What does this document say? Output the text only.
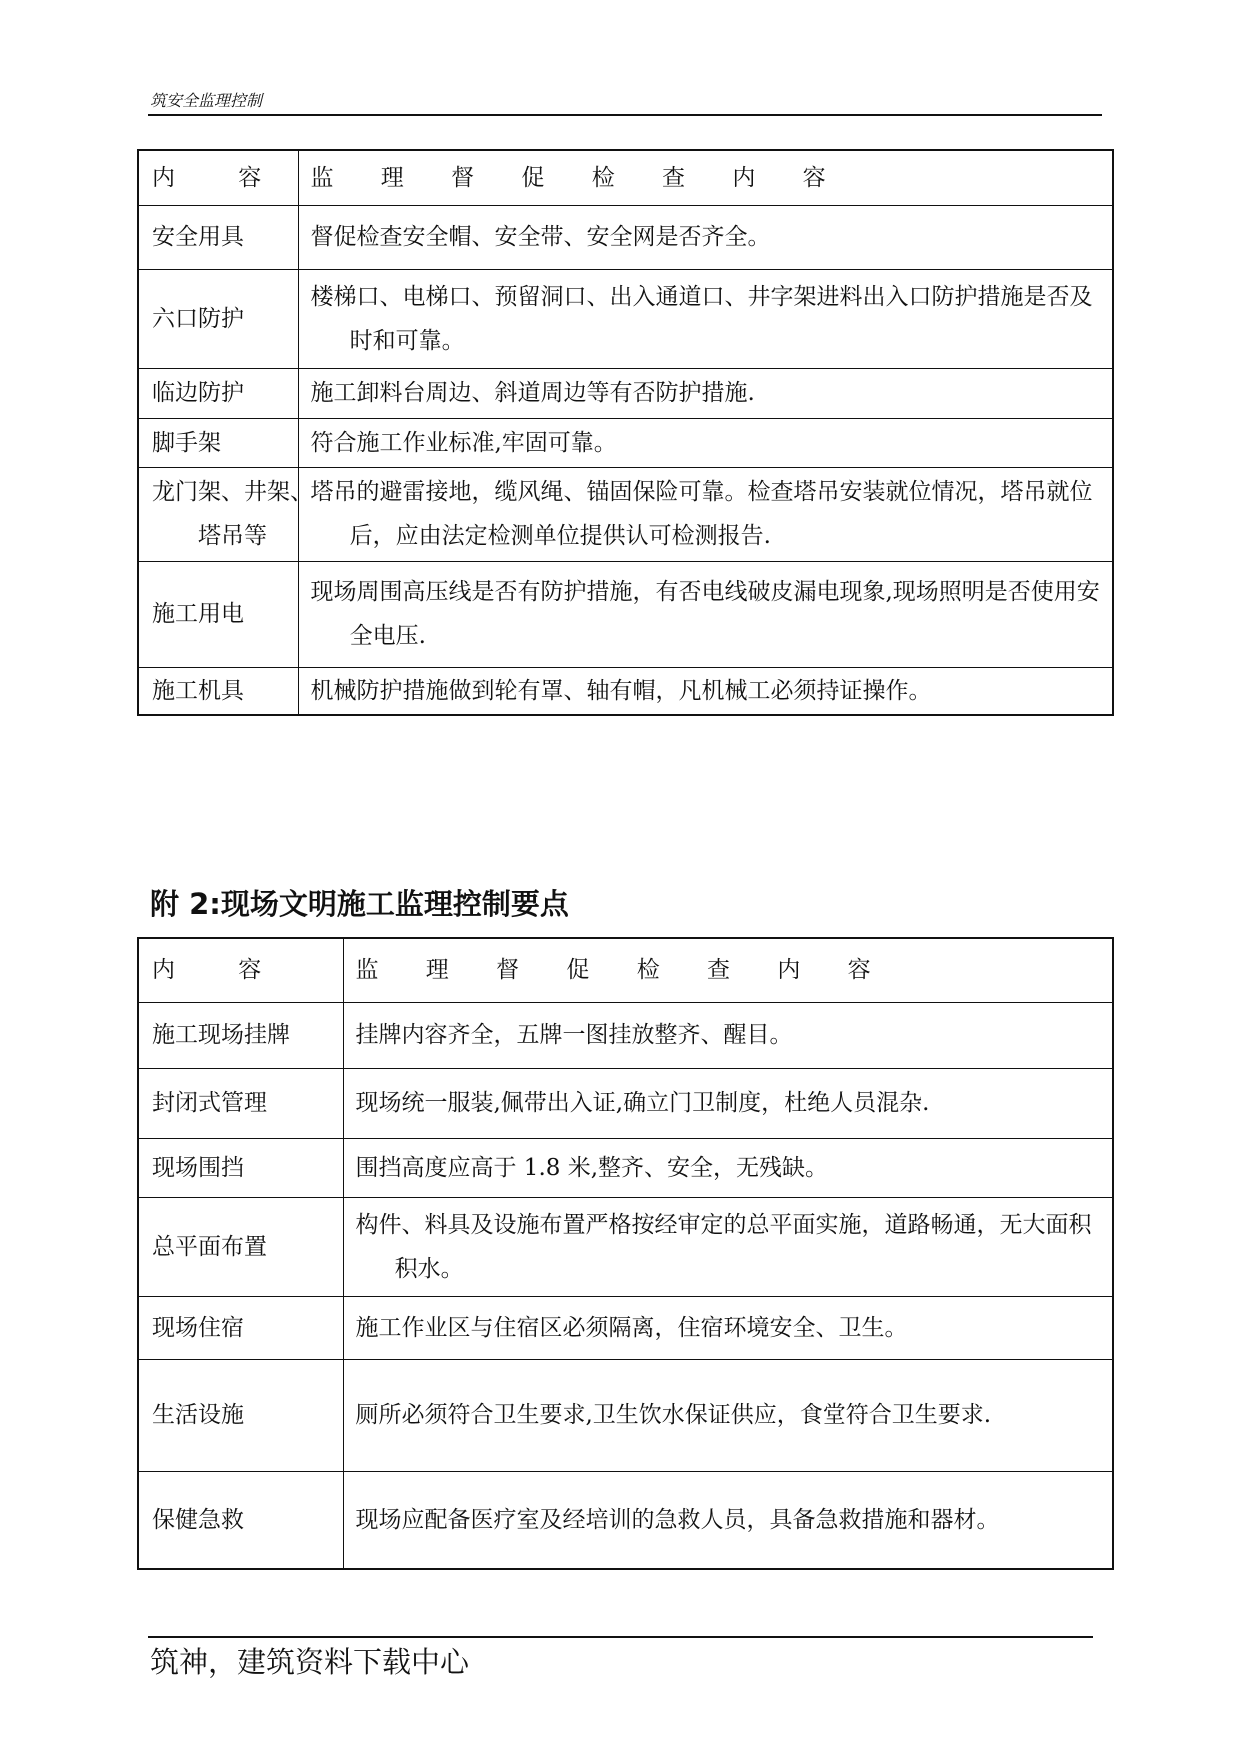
筑安全监理控制
内 容	监 理 督 促 检 查 内 容
安全用具	督促检查安全帽、安全带、安全网是否齐全。
六口防护	楼梯口、电梯口、预留洞口、出入通道口、井字架进料出入口防护措施是否及时和可靠。

临边防护	施工卸料台周边、斜道周边等有否防护措施.
脚手架	符合施工作业标准,牢固可靠。

龙门架、井架、
塔吊等	塔吊的避雷接地，缆风绳、锚固保险可靠。检查塔吊安装就位情况，塔吊就位后，应由法定检测单位提供认可检测报告.

施工用电	现场周围高压线是否有防护措施，有否电线破皮漏电现象,现场照明是否使用安全电压.

施工机具	机械防护措施做到轮有罩、轴有帽，凡机械工必须持证操作。
附 2:现场文明施工监理控制要点
内 容	监 理 督 促 检 查 内 容
施工现场挂牌	挂牌内容齐全，五牌一图挂放整齐、醒目。
封闭式管理	现场统一服装,佩带出入证,确立门卫制度，杜绝人员混杂.
现场围挡	围挡高度应高于 1.8 米,整齐、安全，无残缺。
总平面布置	构件、料具及设施布置严格按经审定的总平面实施，道路畅通，无大面积积水。

现场住宿	施工作业区与住宿区必须隔离，住宿环境安全、卫生。
生活设施	厕所必须符合卫生要求,卫生饮水保证供应，食堂符合卫生要求.
保健急救	现场应配备医疗室及经培训的急救人员，具备急救措施和器材。
筑神，建筑资料下载中心
